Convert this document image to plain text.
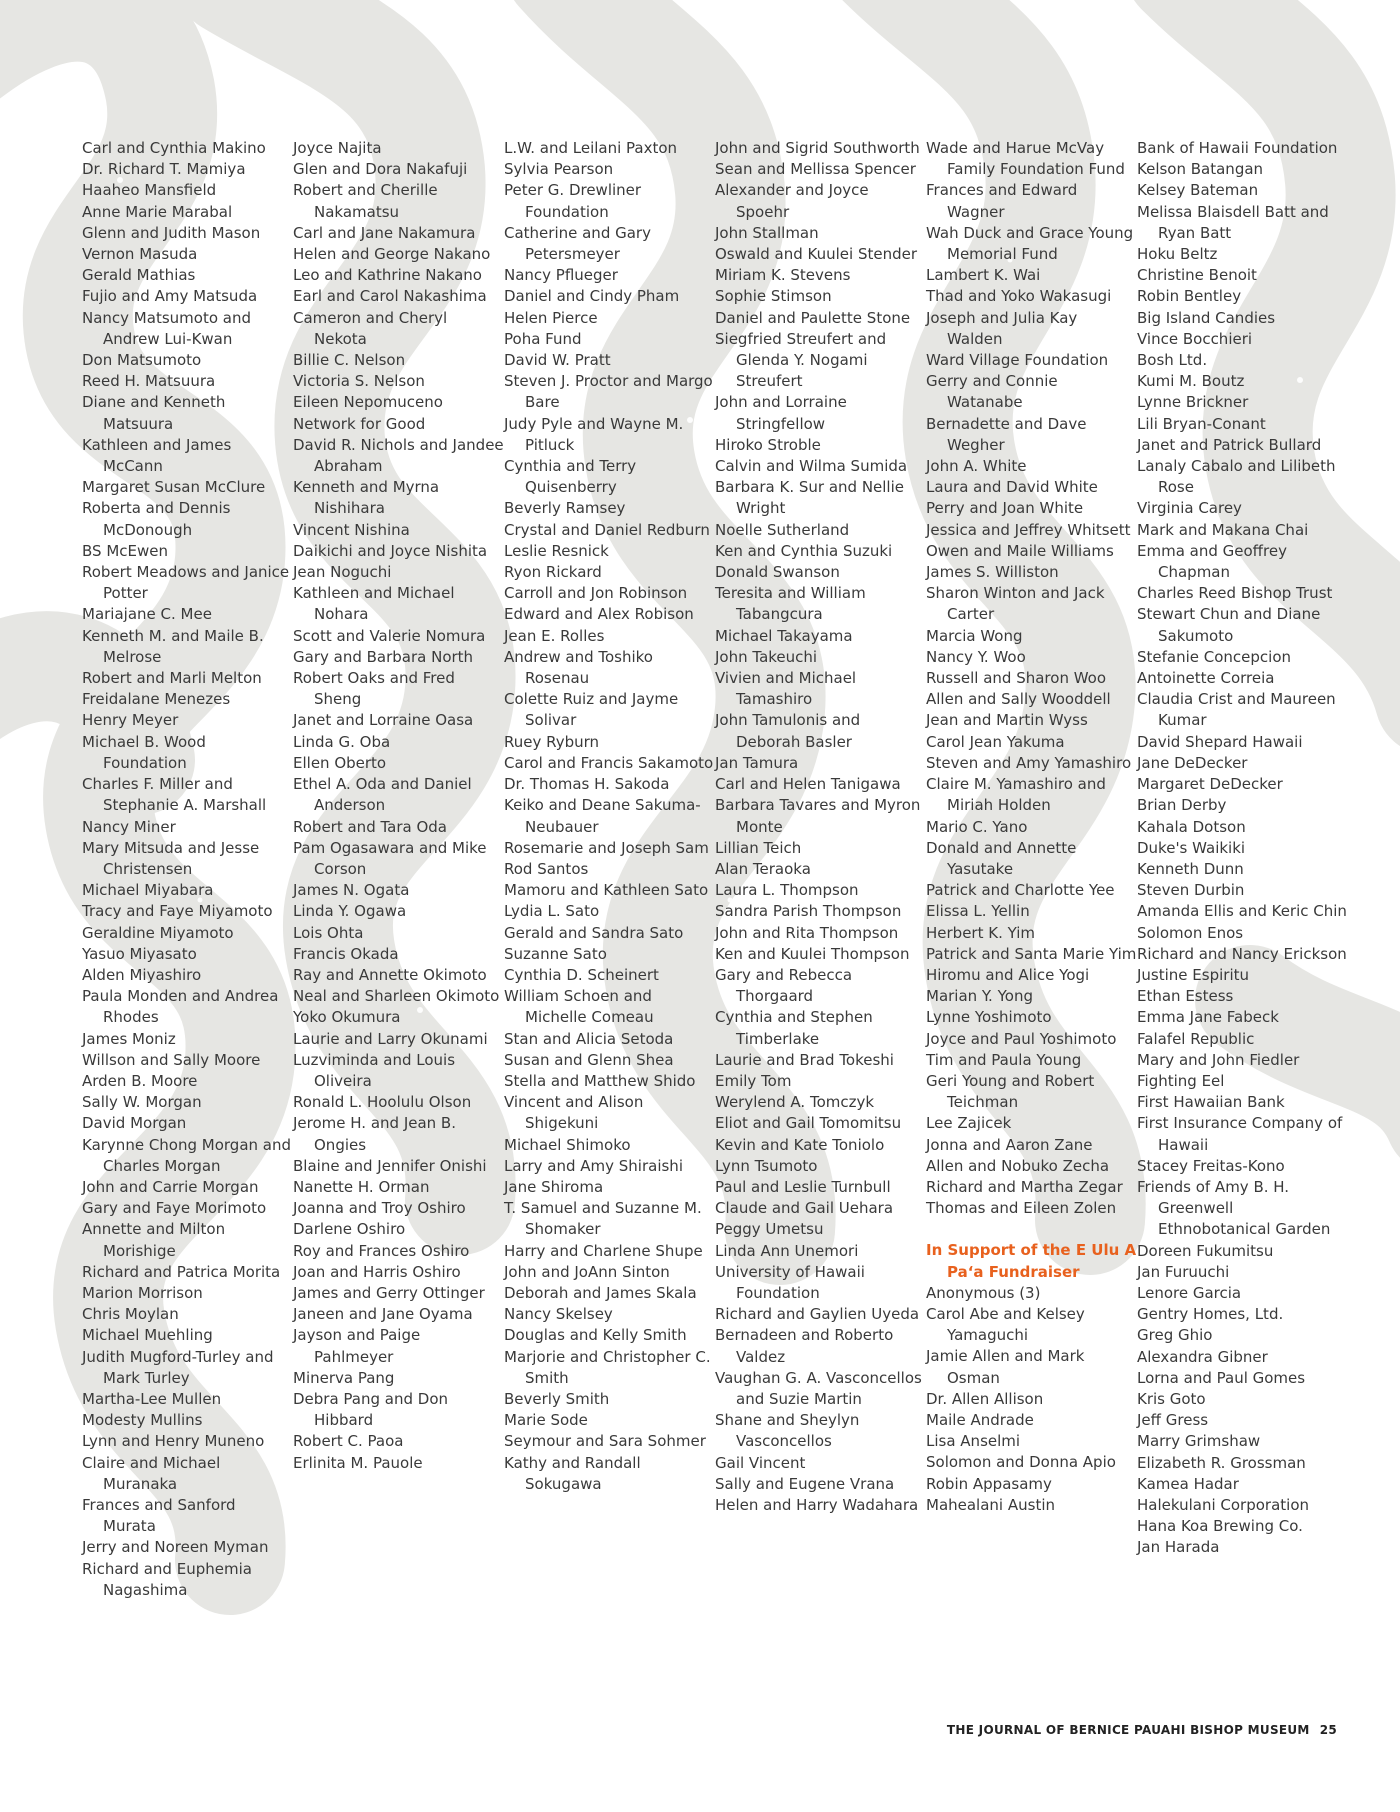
Carl and Cynthia Makino
Dr. Richard T. Mamiya
Haaheo Mansfield
Anne Marie Marabal
Glenn and Judith Mason
Vernon Masuda
Gerald Mathias
Fujio and Amy Matsuda
Nancy Matsumoto and Andrew Lui-Kwan
Don Matsumoto
Reed H. Matsuura
Diane and Kenneth Matsuura
Kathleen and James McCann
Margaret Susan McClure
Roberta and Dennis McDonough
BS McEwen
Robert Meadows and Janice Potter
Mariajane C. Mee
Kenneth M. and Maile B. Melrose
Robert and Marli Melton
Freidalane Menezes
Henry Meyer
Michael B. Wood Foundation
Charles F. Miller and Stephanie A. Marshall
Nancy Miner
Mary Mitsuda and Jesse Christensen
Michael Miyabara
Tracy and Faye Miyamoto
Geraldine Miyamoto
Yasuo Miyasato
Alden Miyashiro
Paula Monden and Andrea Rhodes
James Moniz
Willson and Sally Moore
Arden B. Moore
Sally W. Morgan
David Morgan
Karynne Chong Morgan and Charles Morgan
John and Carrie Morgan
Gary and Faye Morimoto
Annette and Milton Morishige
Richard and Patrica Morita
Marion Morrison
Chris Moylan
Michael Muehling
Judith Mugford-Turley and Mark Turley
Martha-Lee Mullen
Modesty Mullins
Lynn and Henry Muneno
Claire and Michael Muranaka
Frances and Sanford Murata
Jerry and Noreen Myman
Richard and Euphemia Nagashima
Joyce Najita
Glen and Dora Nakafuji
Robert and Cherille Nakamatsu
Carl and Jane Nakamura
Helen and George Nakano
Leo and Kathrine Nakano
Earl and Carol Nakashima
Cameron and Cheryl Nekota
Billie C. Nelson
Victoria S. Nelson
Eileen Nepomuceno
Network for Good
David R. Nichols and Jandee Abraham
Kenneth and Myrna Nishihara
Vincent Nishina
Daikichi and Joyce Nishita
Jean Noguchi
Kathleen and Michael Nohara
Scott and Valerie Nomura
Gary and Barbara North
Robert Oaks and Fred Sheng
Janet and Lorraine Oasa
Linda G. Oba
Ellen Oberto
Ethel A. Oda and Daniel Anderson
Robert and Tara Oda
Pam Ogasawara and Mike Corson
James N. Ogata
Linda Y. Ogawa
Lois Ohta
Francis Okada
Ray and Annette Okimoto
Neal and Sharleen Okimoto
Yoko Okumura
Laurie and Larry Okunami
Luzviminda and Louis Oliveira
Ronald L. Hoolulu Olson
Jerome H. and Jean B. Ongies
Blaine and Jennifer Onishi
Nanette H. Orman
Joanna and Troy Oshiro
Darlene Oshiro
Roy and Frances Oshiro
Joan and Harris Oshiro
James and Gerry Ottinger
Janeen and Jane Oyama
Jayson and Paige Pahlmeyer
Minerva Pang
Debra Pang and Don Hibbard
Robert C. Paoa
Erlinita M. Pauole
L.W. and Leilani Paxton
Sylvia Pearson
Peter G. Drewliner Foundation
Catherine and Gary Petersmeyer
Nancy Pflueger
Daniel and Cindy Pham
Helen Pierce
Poha Fund
David W. Pratt
Steven J. Proctor and Margo Bare
Judy Pyle and Wayne M. Pitluck
Cynthia and Terry Quisenberry
Beverly Ramsey
Crystal and Daniel Redburn
Leslie Resnick
Ryon Rickard
Carroll and Jon Robinson
Edward and Alex Robison
Jean E. Rolles
Andrew and Toshiko Rosenau
Colette Ruiz and Jayme Solivar
Ruey Ryburn
Carol and Francis Sakamoto
Dr. Thomas H. Sakoda
Keiko and Deane Sakuma-Neubauer
Rosemarie and Joseph Sam
Rod Santos
Mamoru and Kathleen Sato
Lydia L. Sato
Gerald and Sandra Sato
Suzanne Sato
Cynthia D. Scheinert
William Schoen and Michelle Comeau
Stan and Alicia Setoda
Susan and Glenn Shea
Stella and Matthew Shido
Vincent and Alison Shigekuni
Michael Shimoko
Larry and Amy Shiraishi
Jane Shiroma
T. Samuel and Suzanne M. Shomaker
Harry and Charlene Shupe
John and JoAnn Sinton
Deborah and James Skala
Nancy Skelsey
Douglas and Kelly Smith
Marjorie and Christopher C. Smith
Beverly Smith
Marie Sode
Seymour and Sara Sohmer
Kathy and Randall Sokugawa
John and Sigrid Southworth
Sean and Mellissa Spencer
Alexander and Joyce Spoehr
John Stallman
Oswald and Kuulei Stender
Miriam K. Stevens
Sophie Stimson
Daniel and Paulette Stone
Siegfried Streufert and Glenda Y. Nogami Streufert
John and Lorraine Stringfellow
Hiroko Stroble
Calvin and Wilma Sumida
Barbara K. Sur and Nellie Wright
Noelle Sutherland
Ken and Cynthia Suzuki
Donald Swanson
Teresita and William Tabangcura
Michael Takayama
John Takeuchi
Vivien and Michael Tamashiro
John Tamulonis and Deborah Basler
Jan Tamura
Carl and Helen Tanigawa
Barbara Tavares and Myron Monte
Lillian Teich
Alan Teraoka
Laura L. Thompson
Sandra Parish Thompson
John and Rita Thompson
Ken and Kuulei Thompson
Gary and Rebecca Thorgaard
Cynthia and Stephen Timberlake
Laurie and Brad Tokeshi
Emily Tom
Werylend A. Tomczyk
Eliot and Gail Tomomitsu
Kevin and Kate Toniolo
Lynn Tsumoto
Paul and Leslie Turnbull
Claude and Gail Uehara
Peggy Umetsu
Linda Ann Unemori
University of Hawaii Foundation
Richard and Gaylien Uyeda
Bernadeen and Roberto Valdez
Vaughan G. A. Vasconcellos and Suzie Martin
Shane and Sheylyn Vasconcellos
Gail Vincent
Sally and Eugene Vrana
Helen and Harry Wadahara
Wade and Harue McVay Family Foundation Fund
Frances and Edward Wagner
Wah Duck and Grace Young Memorial Fund
Lambert K. Wai
Thad and Yoko Wakasugi
Joseph and Julia Kay Walden
Ward Village Foundation
Gerry and Connie Watanabe
Bernadette and Dave Wegher
John A. White
Laura and David White
Perry and Joan White
Jessica and Jeffrey Whitsett
Owen and Maile Williams
James S. Williston
Sharon Winton and Jack Carter
Marcia Wong
Nancy Y. Woo
Russell and Sharon Woo
Allen and Sally Wooddell
Jean and Martin Wyss
Carol Jean Yakuma
Steven and Amy Yamashiro
Claire M. Yamashiro and Miriah Holden
Mario C. Yano
Donald and Annette Yasutake
Patrick and Charlotte Yee
Elissa L. Yellin
Herbert K. Yim
Patrick and Santa Marie Yim
Hiromu and Alice Yogi
Marian Y. Yong
Lynne Yoshimoto
Joyce and Paul Yoshimoto
Tim and Paula Young
Geri Young and Robert Teichman
Lee Zajicek
Jonna and Aaron Zane
Allen and Nobuko Zecha
Richard and Martha Zegar
Thomas and Eileen Zolen
In Support of the E Ulu A Pa‘a Fundraiser
Anonymous (3)
Carol Abe and Kelsey Yamaguchi
Jamie Allen and Mark Osman
Dr. Allen Allison
Maile Andrade
Lisa Anselmi
Solomon and Donna Apio
Robin Appasamy
Mahealani Austin
Bank of Hawaii Foundation
Kelson Batangan
Kelsey Bateman
Melissa Blaisdell Batt and Ryan Batt
Hoku Beltz
Christine Benoit
Robin Bentley
Big Island Candies
Vince Bocchieri
Bosh Ltd.
Kumi M. Boutz
Lynne Brickner
Lili Bryan-Conant
Janet and Patrick Bullard
Lanaly Cabalo and Lilibeth Rose
Virginia Carey
Mark and Makana Chai
Emma and Geoffrey Chapman
Charles Reed Bishop Trust
Stewart Chun and Diane Sakumoto
Stefanie Concepcion
Antoinette Correia
Claudia Crist and Maureen Kumar
David Shepard Hawaii
Jane DeDecker
Margaret DeDecker
Brian Derby
Kahala Dotson
Duke's Waikiki
Kenneth Dunn
Steven Durbin
Amanda Ellis and Keric Chin
Solomon Enos
Richard and Nancy Erickson
Justine Espiritu
Ethan Estess
Emma Jane Fabeck
Falafel Republic
Mary and John Fiedler
Fighting Eel
First Hawaiian Bank
First Insurance Company of Hawaii
Stacey Freitas-Kono
Friends of Amy B. H. Greenwell Ethnobotanical Garden
Doreen Fukumitsu
Jan Furuuchi
Lenore Garcia
Gentry Homes, Ltd.
Greg Ghio
Alexandra Gibner
Lorna and Paul Gomes
Kris Goto
Jeff Gress
Marry Grimshaw
Elizabeth R. Grossman
Kamea Hadar
Halekulani Corporation
Hana Koa Brewing Co.
Jan Harada
THE JOURNAL OF BERNICE PAUAHI BISHOP MUSEUM 25
